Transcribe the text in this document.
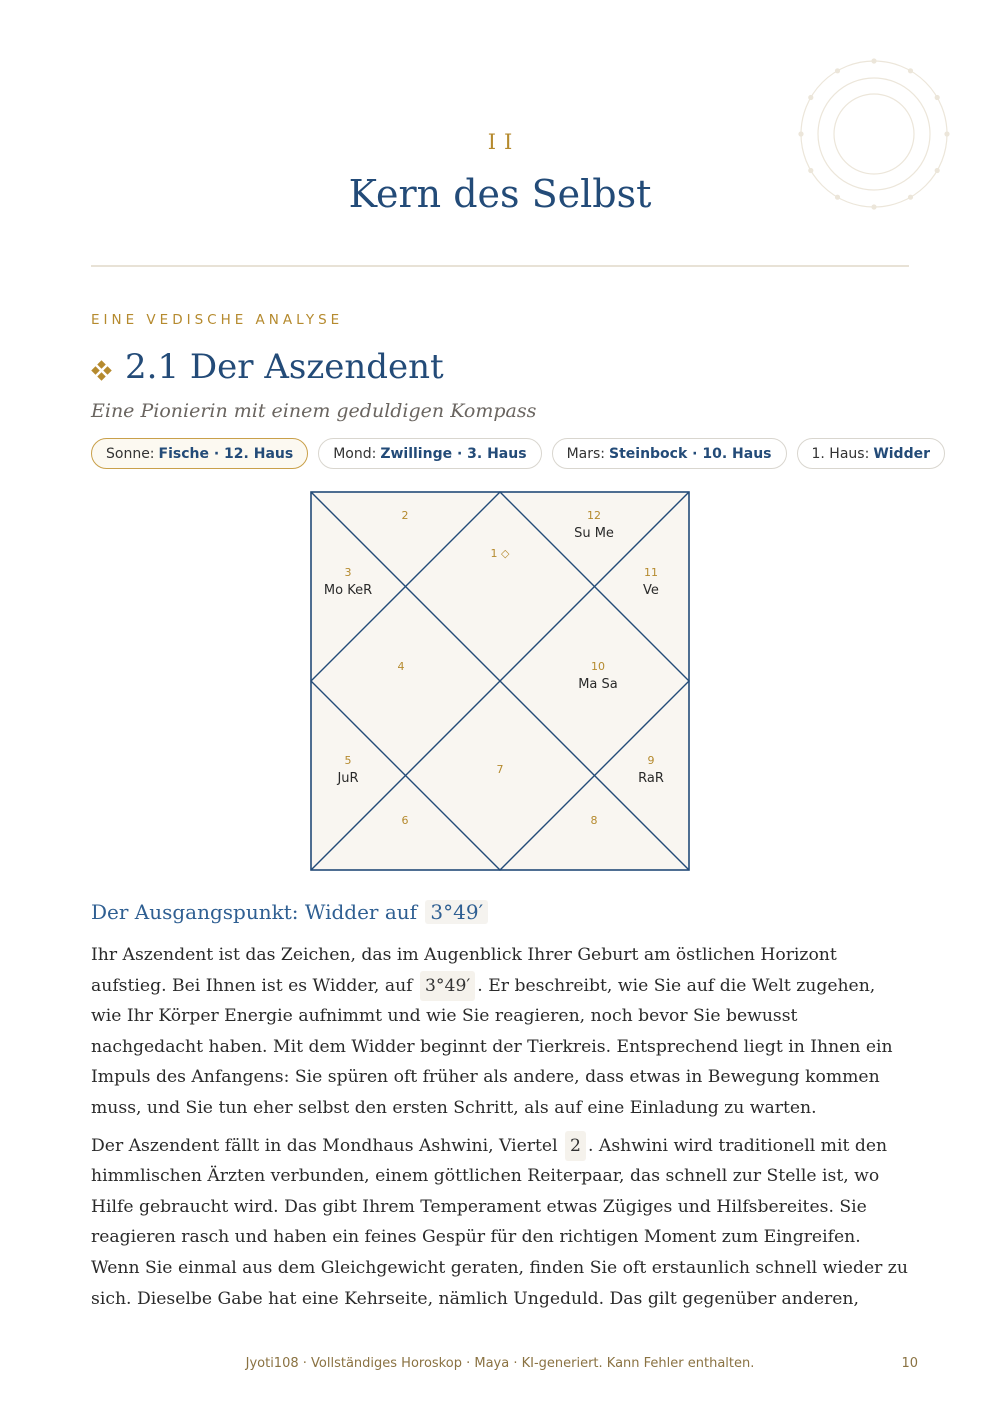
II
Kern des Selbst
EINE VEDISCHE ANALYSE
2.1 Der Aszendent
Eine Pionierin mit einem geduldigen Kompass
Sonne: Fische · 12. Haus	Mond: Zwillinge · 3. Haus	Mars: Steinbock · 10. Haus	1. Haus: Widder
1 ◇
2
3
Mo KeR
4
5
JuR
6
7
8
9
RaR
10
Ma Sa
11
Ve
12
Su Me
Der Ausgangspunkt: Widder auf 3°49′

Ihr Aszendent ist das Zeichen, das im Augenblick Ihrer Geburt am östlichen Horizont aufstieg. Bei Ihnen ist es Widder, auf 3°49′ . Er beschreibt, wie Sie auf die Welt zugehen, wie Ihr Körper Energie aufnimmt und wie Sie reagieren, noch bevor Sie bewusst nachgedacht haben. Mit dem Widder beginnt der Tierkreis. Entsprechend liegt in Ihnen ein Impuls des Anfangens: Sie spüren oft früher als andere, dass etwas in Bewegung kommen muss, und Sie tun eher selbst den ersten Schritt, als auf eine Einladung zu warten.

Der Aszendent fällt in das Mondhaus Ashwini, Viertel 2 . Ashwini wird traditionell mit den himmlischen Ärzten verbunden, einem göttlichen Reiterpaar, das schnell zur Stelle ist, wo Hilfe gebraucht wird. Das gibt Ihrem Temperament etwas Zügiges und Hilfsbereites. Sie reagieren rasch und haben ein feines Gespür für den richtigen Moment zum Eingreifen. Wenn Sie einmal aus dem Gleichgewicht geraten, finden Sie oft erstaunlich schnell wieder zu sich. Dieselbe Gabe hat eine Kehrseite, nämlich Ungeduld. Das gilt gegenüber anderen,

Jyoti108 · Vollständiges Horoskop · Maya · KI-generiert. Kann Fehler enthalten.	10
